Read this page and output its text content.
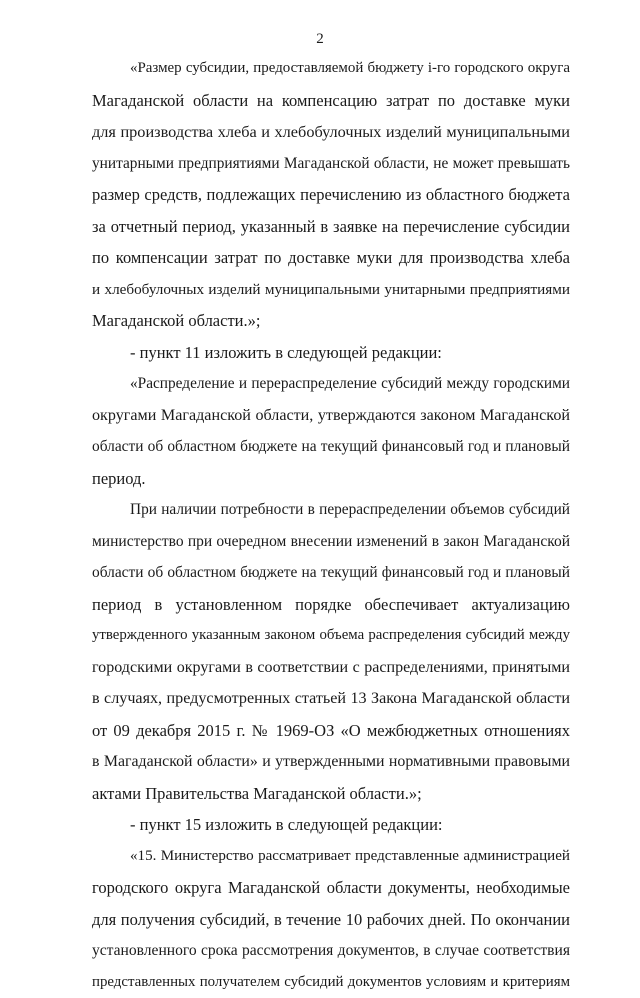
2
«Размер субсидии, предоставляемой бюджету i-го городского округа
Магаданской области на компенсацию затрат по доставке муки
для производства хлеба и хлебобулочных изделий муниципальными
унитарными предприятиями Магаданской области, не может превышать
размер средств, подлежащих перечислению из областного бюджета
за отчетный период, указанный в заявке на перечисление субсидии
по компенсации затрат по доставке муки для производства хлеба
и хлебобулочных изделий муниципальными унитарными предприятиями
Магаданской области.»;
- пункт 11 изложить в следующей редакции:
«Распределение и перераспределение субсидий между городскими
округами Магаданской области, утверждаются законом Магаданской
области об областном бюджете на текущий финансовый год и плановый
период.
При наличии потребности в перераспределении объемов субсидий
министерство при очередном внесении изменений в закон Магаданской
области об областном бюджете на текущий финансовый год и плановый
период в установленном порядке обеспечивает актуализацию
утвержденного указанным законом объема распределения субсидий между
городскими округами в соответствии с распределениями, принятыми
в случаях, предусмотренных статьей 13 Закона Магаданской области
от 09 декабря 2015 г. № 1969-ОЗ «О межбюджетных отношениях
в Магаданской области» и утвержденными нормативными правовыми
актами Правительства Магаданской области.»;
- пункт 15 изложить в следующей редакции:
«15. Министерство рассматривает представленные администрацией
городского округа Магаданской области документы, необходимые
для получения субсидий, в течение 10 рабочих дней. По окончании
установленного срока рассмотрения документов, в случае соответствия
представленных получателем субсидий документов условиям и критериям
